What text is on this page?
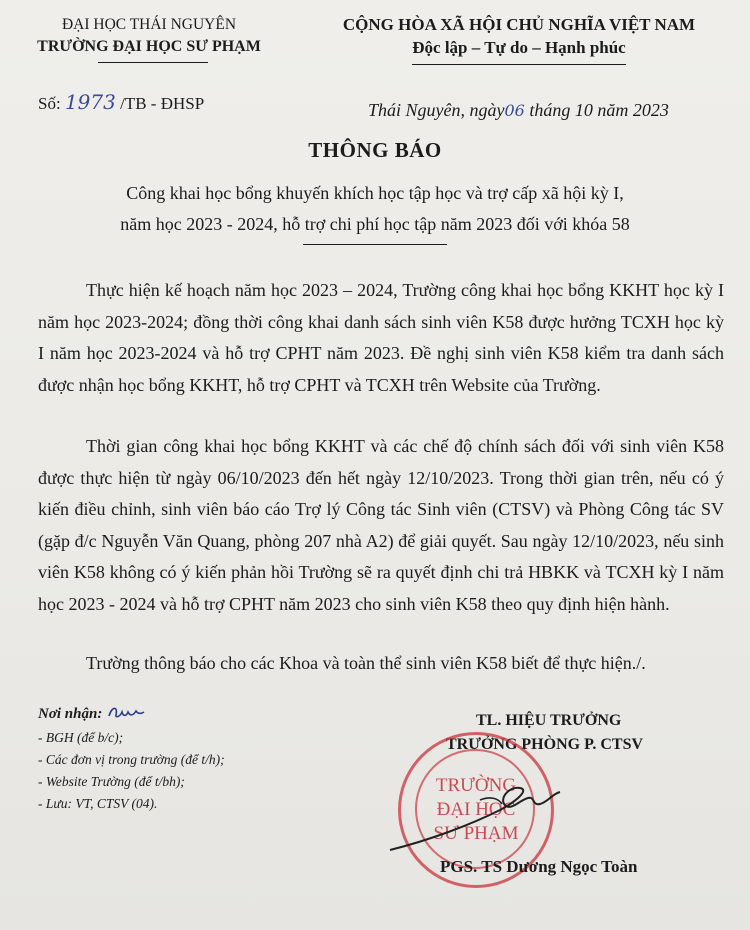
ĐẠI HỌC THÁI NGUYÊN
TRƯỜNG ĐẠI HỌC SƯ PHẠM
CỘNG HÒA XÃ HỘI CHỦ NGHĨA VIỆT NAM
Độc lập – Tự do – Hạnh phúc
Số: 1973 /TB - ĐHSP	Thái Nguyên, ngày06 tháng 10 năm 2023
THÔNG BÁO
Công khai học bổng khuyến khích học tập học và trợ cấp xã hội kỳ I,
năm học 2023 - 2024, hỗ trợ chi phí học tập năm 2023 đối với khóa 58

Thực hiện kế hoạch năm học 2023 – 2024, Trường công khai học bổng KKHT học kỳ I năm học 2023-2024; đồng thời công khai danh sách sinh viên K58 được hưởng TCXH học kỳ I năm học 2023-2024 và hỗ trợ CPHT năm 2023. Đề nghị sinh viên K58 kiểm tra danh sách được nhận học bổng KKHT, hỗ trợ CPHT và TCXH trên Website của Trường.

Thời gian công khai học bổng KKHT và các chế độ chính sách đối với sinh viên K58 được thực hiện từ ngày 06/10/2023 đến hết ngày 12/10/2023. Trong thời gian trên, nếu có ý kiến điều chỉnh, sinh viên báo cáo Trợ lý Công tác Sinh viên (CTSV) và Phòng Công tác SV (gặp đ/c Nguyễn Văn Quang, phòng 207 nhà A2) để giải quyết. Sau ngày 12/10/2023, nếu sinh viên K58 không có ý kiến phản hồi Trường sẽ ra quyết định chi trả HBKK và TCXH kỳ I năm học 2023 - 2024 và hỗ trợ CPHT năm 2023 cho sinh viên K58 theo quy định hiện hành.

Trường thông báo cho các Khoa và toàn thể sinh viên K58 biết để thực hiện./.

Nơi nhận:
- BGH (để b/c);
- Các đơn vị trong trường (để t/h);
- Website Trường (để t/bh);
- Lưu: VT, CTSV (04).
TL. HIỆU TRƯỞNG
TRƯỞNG PHÒNG P. CTSV
TRƯỜNG
ĐẠI HỌC
SƯ PHẠM
PGS. TS Dương Ngọc Toàn
